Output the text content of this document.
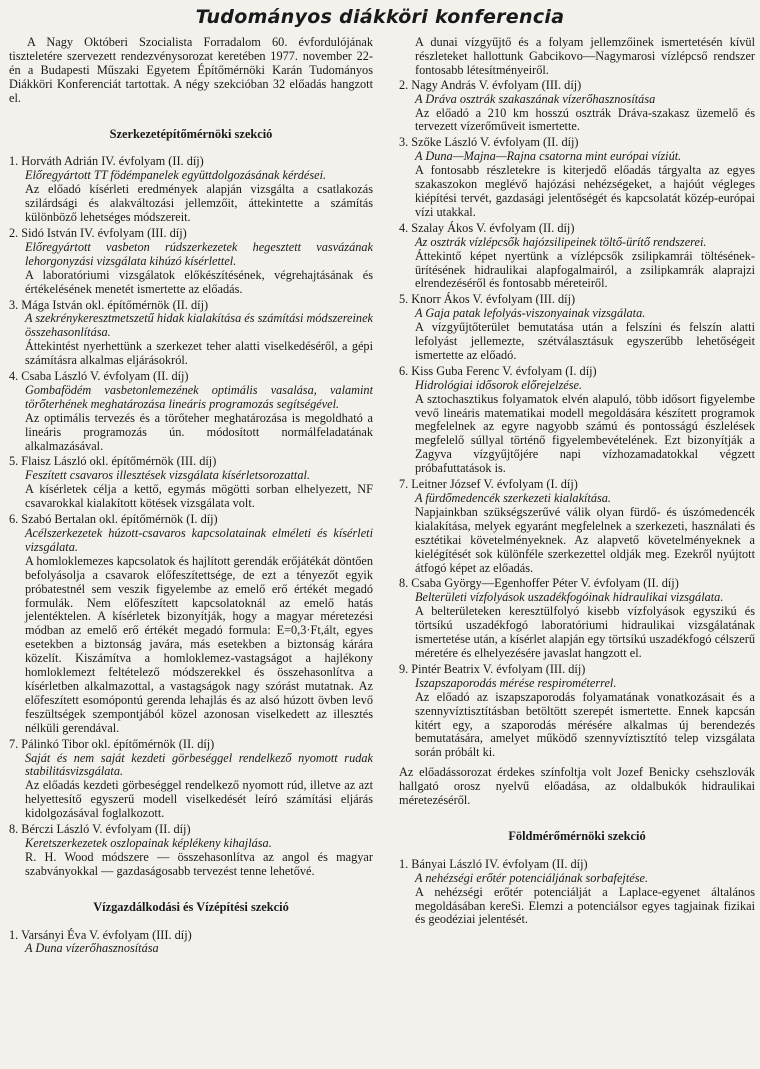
Tudományos diákköri konferencia

A Nagy Októberi Szocialista Forradalom 60. évfordulójának tiszteletére szervezett rendezvénysorozat keretében 1977. november 22-én a Budapesti Műszaki Egyetem Építőmérnöki Karán Tudományos Diákköri Konferenciát tartottak. A négy szekcióban 32 előadás hangzott el.

Szerkezetépítőmérnöki szekció

1. Horváth Adrián IV. évfolyam (II. díj)

Előregyártott TT födémpanelek együttdolgozásának kérdései.

Az előadó kísérleti eredmények alapján vizsgálta a csatlakozás szilárdsági és alakváltozási jellemzőit, áttekintette a számítás különböző lehetséges módszereit.

2. Sidó István IV. évfolyam (III. díj)

Előregyártott vasbeton rúdszerkezetek hegesztett vasvázának lehorgonyzási vizsgálata kihúzó kísérlettel.

A laboratóriumi vizsgálatok előkészítésének, végrehajtásának és értékelésének menetét ismertette az előadás.

3. Mága István okl. építőmérnök (II. díj)

A szekrénykeresztmetszetű hidak kialakítása és számítási módszereinek összehasonlítása.

Áttekintést nyerhettünk a szerkezet teher alatti viselkedéséről, a gépi számításra alkalmas eljárásokról.

4. Csaba László V. évfolyam (II. díj)

Gombafödém vasbetonlemezének optimális vasalása, valamint törőterhének meghatározása lineáris programozás segítségével.

Az optimális tervezés és a törőteher meghatározása is megoldható a lineáris programozás ún. módosított normálfeladatának alkalmazásával.

5. Flaisz László okl. építőmérnök (III. díj)

Feszített csavaros illesztések vizsgálata kísérletsorozattal.

A kísérletek célja a kettő, egymás mögötti sorban elhelyezett, NF csavarokkal kialakított kötések vizsgálata volt.

6. Szabó Bertalan okl. építőmérnök (I. díj)

Acélszerkezetek húzott-csavaros kapcsolatainak elméleti és kísérleti vizsgálata.

A homloklemezes kapcsolatok és hajlított gerendák erőjátékát döntően befolyásolja a csavarok előfeszítettsége, de ezt a tényezőt egyik próbatestnél sem veszik figyelembe az emelő erő értékét megadó formulák. Nem előfeszített kapcsolatoknál az emelő hatás jelentéktelen. A kísérletek bizonyítják, hogy a magyar méretezési módban az emelő erő értékét megadó formula: E=0,3·Ft,ált, egyes esetekben a biztonság javára, más esetekben a biztonság kárára közelít. Kiszámítva a homloklemez-vastagságot a hajlékony homloklemezt feltételező módszerekkel és összehasonlítva a kísérletben alkalmazottal, a vastagságok nagy szórást mutatnak. Az előfeszített esomópontú gerenda lehajlás és az alsó húzott övben levő feszültségek szempontjából közel azonosan viselkedett az illesztés nélküli gerendával.

7. Pálinkó Tibor okl. építőmérnök (II. díj)

Saját és nem saját kezdeti görbeséggel rendelkező nyomott rudak stabilitásvizsgálata.

Az előadás kezdeti görbeséggel rendelkező nyomott rúd, illetve az azt helyettesítő egyszerű modell viselkedését leíró számítási eljárás kidolgozásával foglalkozott.

8. Bérczi László V. évfolyam (II. díj)

Keretszerkezetek oszlopainak képlékeny kihajlása.

R. H. Wood módszere — összehasonlítva az angol és magyar szabványokkal — gazdaságosabb tervezést tenne lehetővé.

Vízgazdálkodási és Vízépítési szekció

1. Varsányi Éva V. évfolyam (III. díj)

A Duna vízerőhasznosítása

A dunai vízgyűjtő és a folyam jellemzőinek ismertetésén kívül részleteket hallottunk Gabcikovo—Nagymarosi vízlépcső rendszer fontosabb létesítményeiről.

2. Nagy András V. évfolyam (III. díj)

A Dráva osztrák szakaszának vízerőhasznosítása

Az előadó a 210 km hosszú osztrák Dráva-szakasz üzemelő és tervezett vízerőműveit ismertette.

3. Szőke László V. évfolyam (II. díj)

A Duna—Majna—Rajna csatorna mint európai víziút.

A fontosabb részletekre is kiterjedő előadás tárgyalta az egyes szakaszokon meglévő hajózási nehézségeket, a hajóút végleges kiépítési tervét, gazdasági jelentőségét és kapcsolatát közép-európai vízi utakkal.

4. Szalay Ákos V. évfolyam (II. díj)

Az osztrák vízlépcsők hajózsilipeinek töltő-ürítő rendszerei.

Áttekintő képet nyertünk a vízlépcsők zsilipkamrái töltésének-ürítésének hidraulikai alapfogalmairól, a zsilipkamrák alaprajzi elrendezéséről és fontosabb méreteiről.

5. Knorr Ákos V. évfolyam (III. díj)

A Gaja patak lefolyás-viszonyainak vizsgálata.

A vízgyűjtőterület bemutatása után a felszíni és felszín alatti lefolyást jellemezte, szétválasztásuk egyszerűbb lehetőségeit ismertette az előadó.

6. Kiss Guba Ferenc V. évfolyam (I. díj)

Hidrológiai idősorok előrejelzése.

A sztochasztikus folyamatok elvén alapuló, több idősort figyelembe vevő lineáris matematikai modell megoldására készített programok megfelelnek az egyre nagyobb számú és pontosságú észlelések megfelelő súllyal történő figyelembevételének. Ezt bizonyítják a Zagyva vízgyűjtőjére napi vízhozamadatokkal végzett próbafuttatások is.

7. Leitner József V. évfolyam (I. díj)

A fürdőmedencék szerkezeti kialakítása.

Napjainkban szükségszerűvé válik olyan fürdő- és úszómedencék kialakítása, melyek egyaránt megfelelnek a szerkezeti, használati és esztétikai követelményeknek. Az alapvető követelményeknek a kielégítését sok különféle szerkezettel oldják meg. Ezekről nyújtott átfogó képet az előadás.

8. Csaba György—Egenhoffer Péter V. évfolyam (II. díj)

Belterületi vízfolyások uszadékfogóinak hidraulikai vizsgálata.

A belterületeken keresztülfolyó kisebb vízfolyások egyszikú és törtsíkú uszadékfogó laboratóriumi hidraulikai vizsgálatának ismertetése után, a kísérlet alapján egy törtsíkú uszadékfogó célszerű méretére és elhelyezésére javaslat hangzott el.

9. Pintér Beatrix V. évfolyam (III. díj)

Iszapszaporodás mérése respirométerrel.

Az előadó az iszapszaporodás folyamatának vonatkozásait és a szennyvíztisztításban betöltött szerepét ismertette. Ennek kapcsán kitért egy, a szaporodás mérésére alkalmas új berendezés bemutatására, amelyet működő szennyvíztisztító telep vizsgálata során próbált ki.

Az előadássorozat érdekes színfoltja volt Jozef Benicky csehszlovák hallgató orosz nyelvű előadása, az oldalbukók hidraulikai méretezéséről.

Földmérőmérnöki szekció

1. Bányai László IV. évfolyam (II. díj)

A nehézségi erőtér potenciáljának sorbafejtése.

A nehézségi erőtér potenciálját a Laplace-egyenet általános megoldásában kereSi. Elemzi a potenciálsor egyes tagjainak fizikai és geodéziai jelentését.
